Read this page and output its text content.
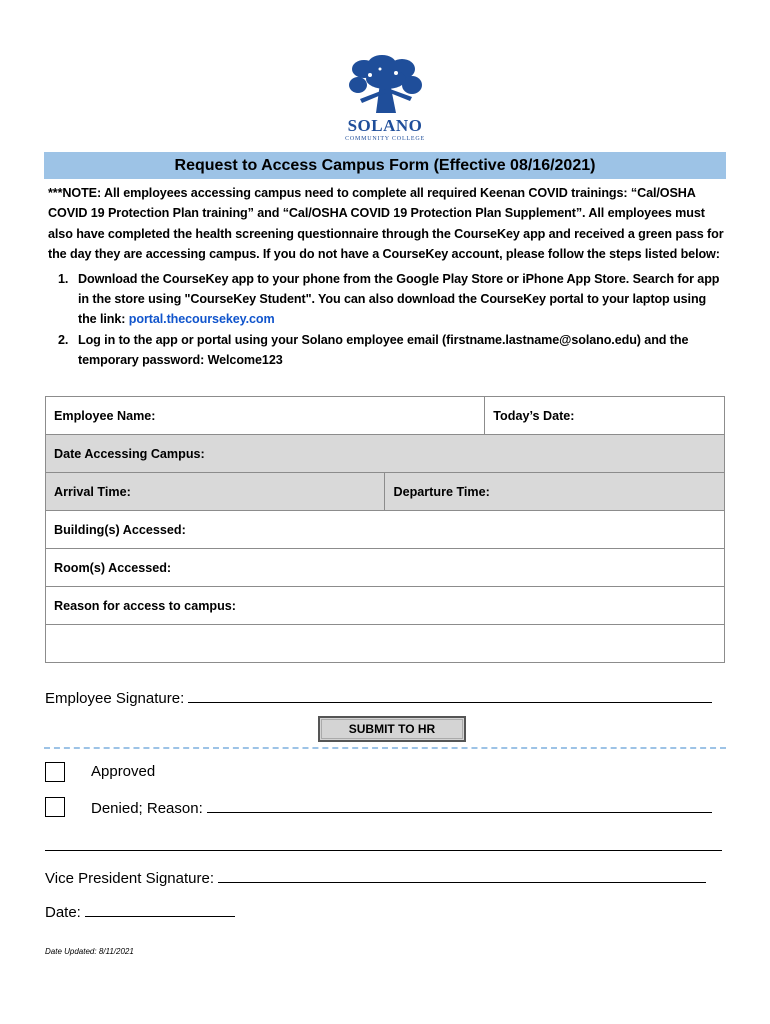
SOLANO
COMMUNITY COLLEGE
Request to Access Campus Form (Effective 08/16/2021)

***NOTE: All employees accessing campus need to complete all required Keenan COVID trainings: “Cal/OSHA COVID 19 Protection Plan training” and “Cal/OSHA COVID 19 Protection Plan Supplement”. All employees must also have completed the health screening questionnaire through the CourseKey app and received a green pass for the day they are accessing campus. If you do not have a CourseKey account, please follow the steps listed below:

1. Download the CourseKey app to your phone from the Google Play Store or iPhone App Store. Search for app in the store using "CourseKey Student". You can also download the CourseKey portal to your laptop using the link: portal.thecoursekey.com
2. Log in to the app or portal using your Solano employee email (firstname.lastname@solano.edu) and the temporary password: Welcome123
Employee Name:		Today’s Date:
Date Accessing Campus:		
Arrival Time:	Departure Time:	
Building(s) Accessed:		
Room(s) Accessed:		
Reason for access to campus:		

Employee Signature:
SUBMIT TO HR
Approved
Denied; Reason:
Vice President Signature:
Date:
Date Updated: 8/11/2021
